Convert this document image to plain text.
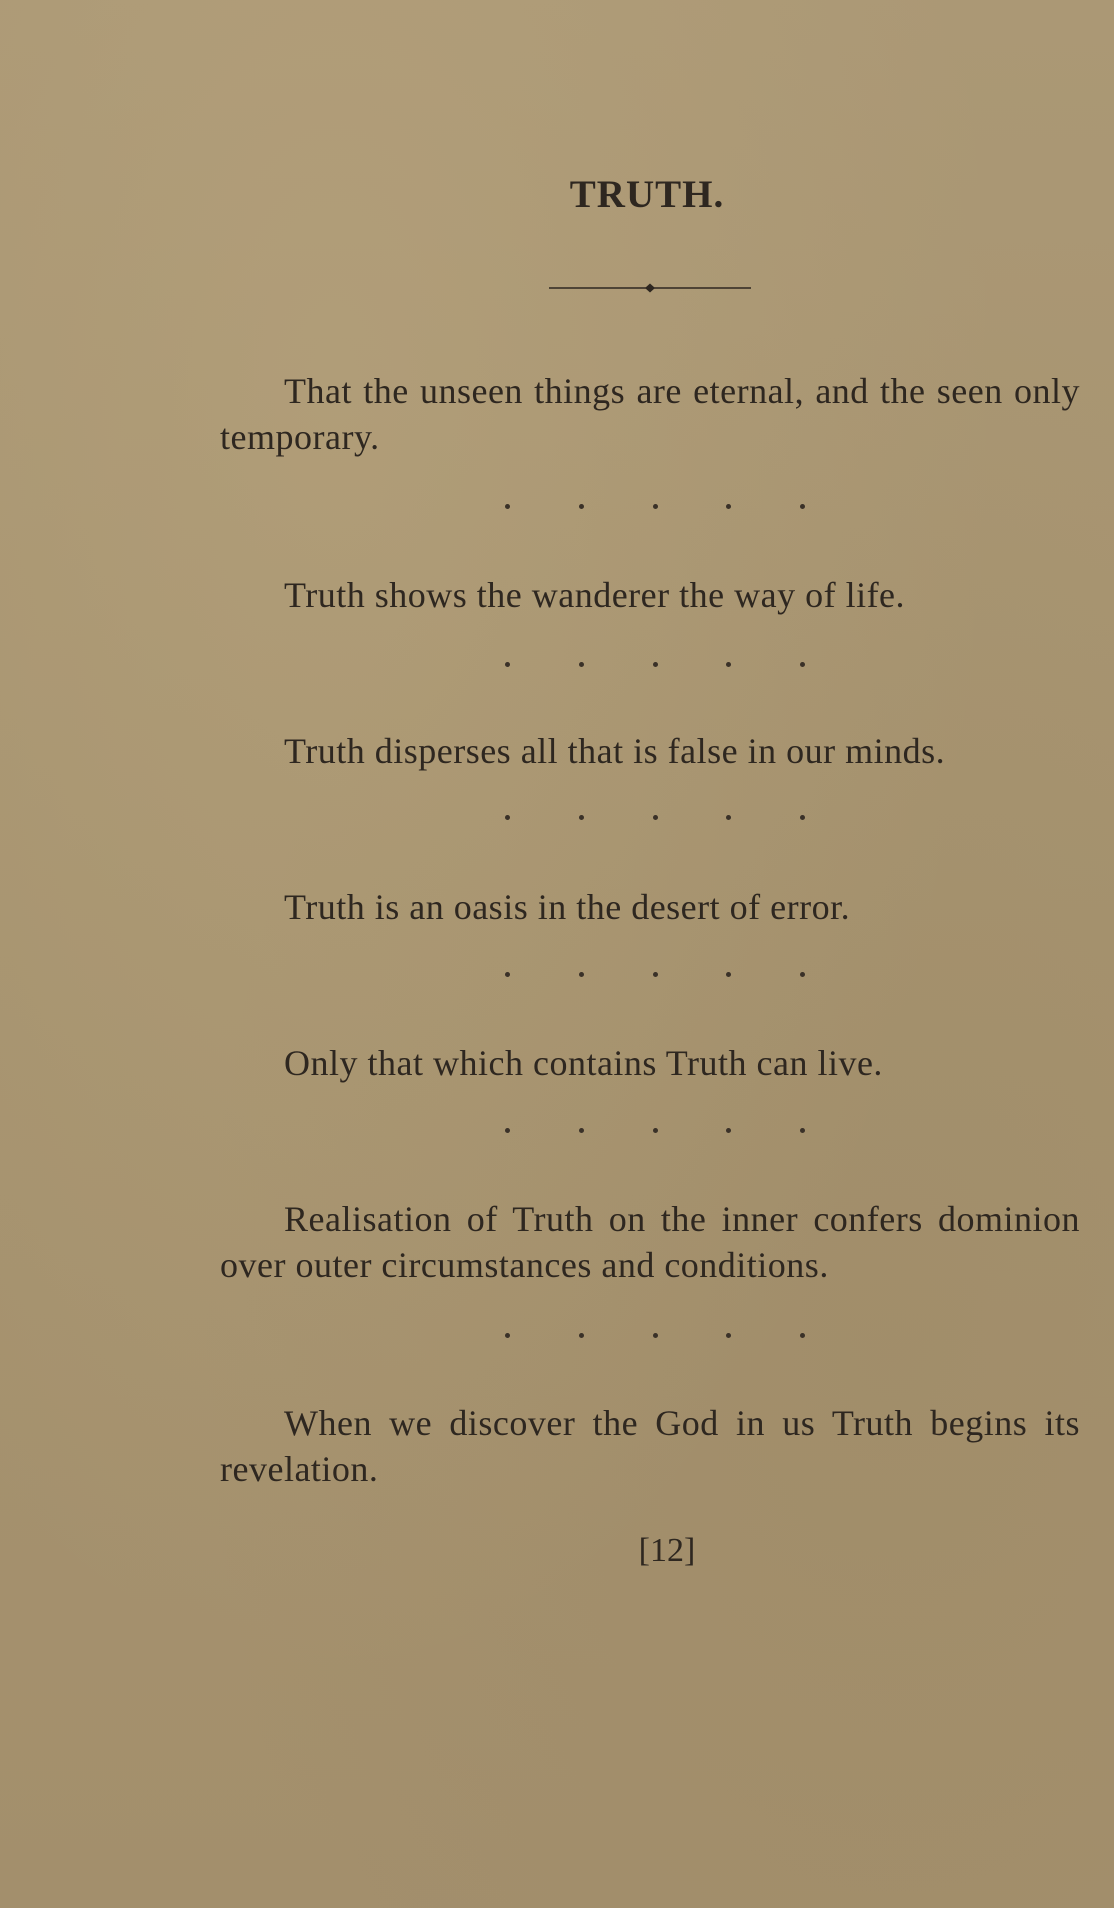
TRUTH.
That the unseen things are eternal, and the seen only temporary.
Truth shows the wanderer the way of life.
Truth disperses all that is false in our minds.
Truth is an oasis in the desert of error.
Only that which contains Truth can live.
Realisation of Truth on the inner confers dominion over outer circumstances and conditions.
When we discover the God in us Truth begins its revelation.
[12]
